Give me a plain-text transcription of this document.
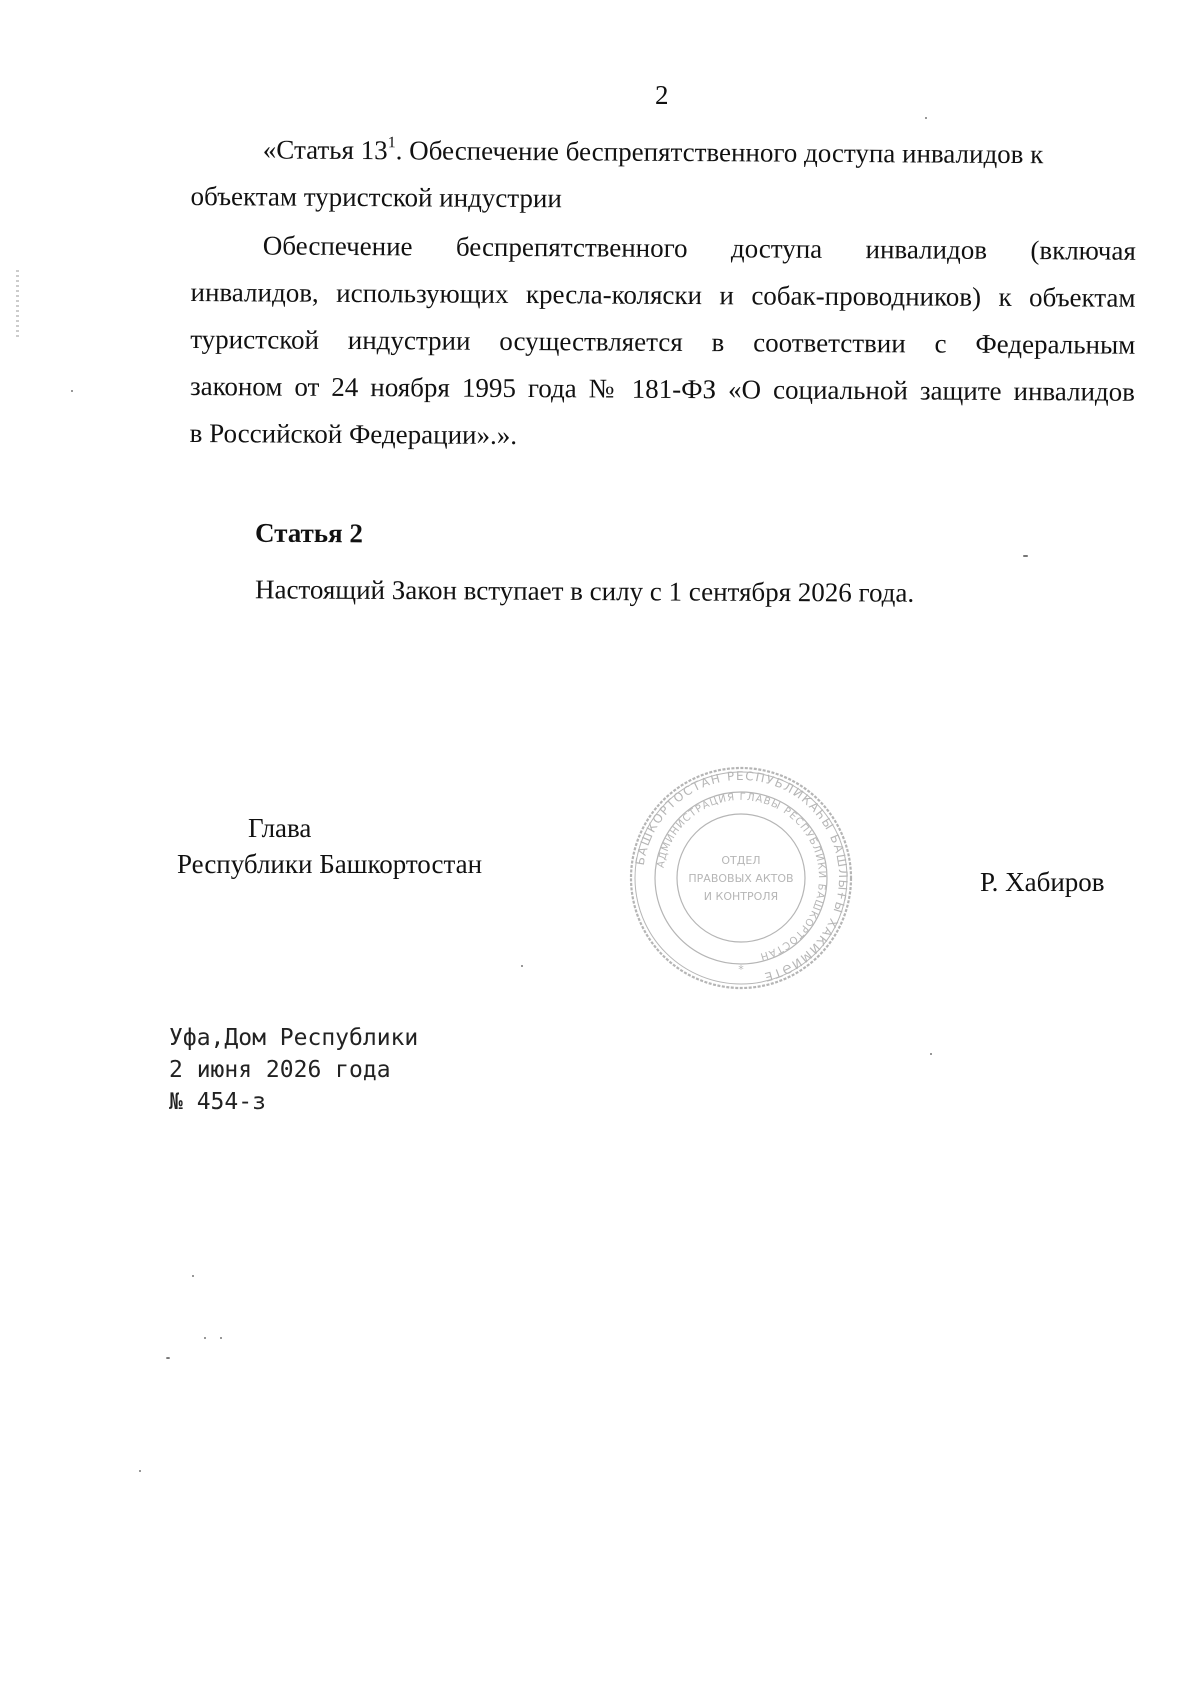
2

«Статья $13^1$. Обеспечение беспрепятственного доступа инвалидов к

объектам туристской индустрии

Обеспечение беспрепятственного доступа инвалидов (включая

инвалидов, использующих кресла-коляски и собак-проводников) к объектам

туристской индустрии осуществляется в соответствии с Федеральным

законом от 24 ноября 1995 года № 181-ФЗ «О социальной защите инвалидов

в Российской Федерации».».

Статья 2
Настоящий Закон вступает в силу с 1 сентября 2026 года.
Глава
Республики Башкортостан	БАШКОРТОСТАН РЕСПУБЛИКАҺЫ БАШЛЫҒЫ ХАКИМИӘТЕ
АДМИНИСТРАЦИЯ ГЛАВЫ РЕСПУБЛИКИ БАШКОРТОСТАН
ОТДЕЛ
ПРАВОВЫХ АКТОВ
И КОНТРОЛЯ
*
Р. Хабиров
Уфа,Дом Республики
2 июня 2026 года
№ 454-з
